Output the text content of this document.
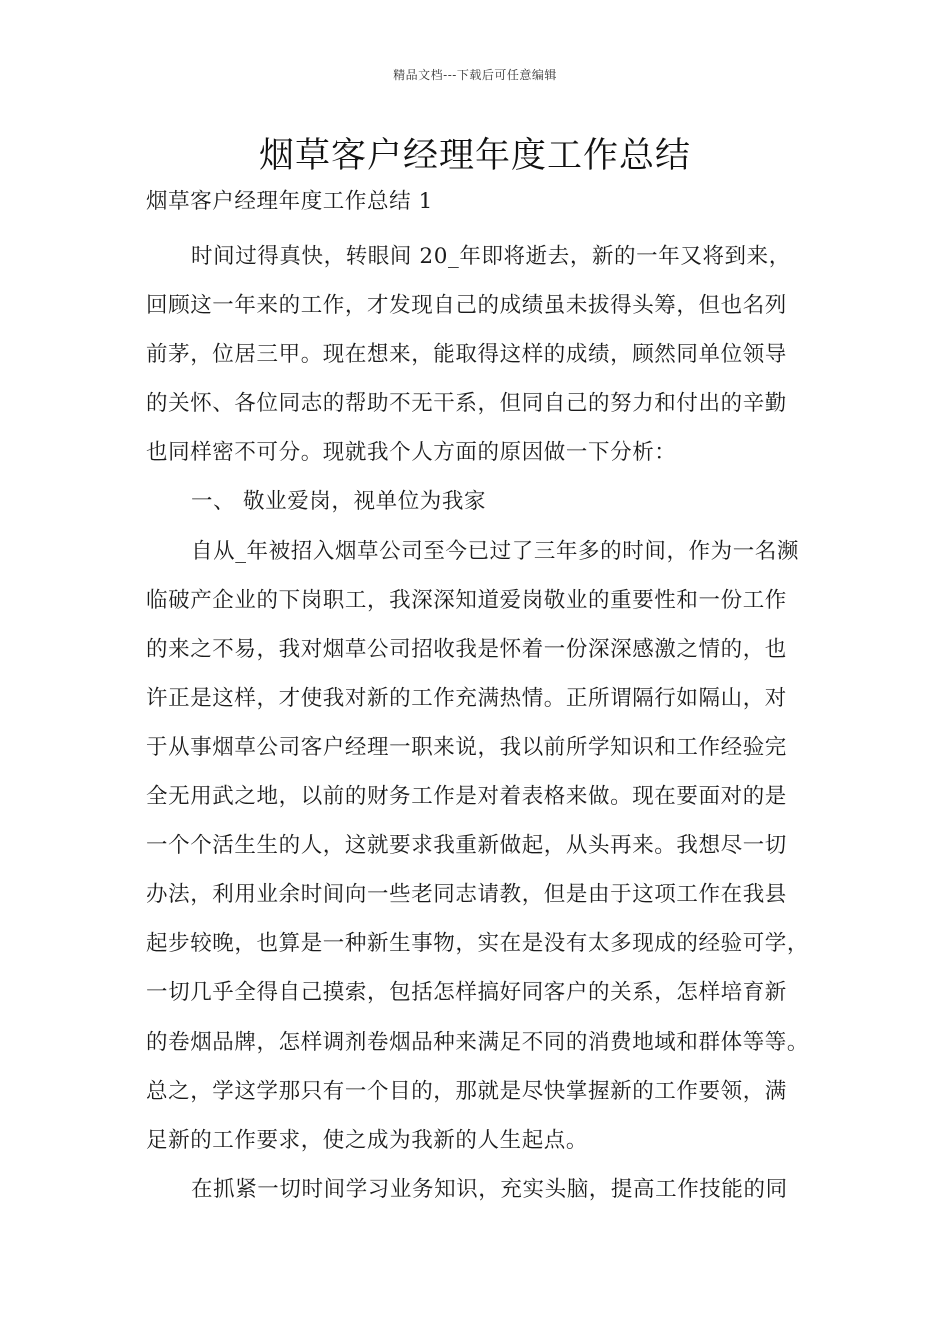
精品文档---下载后可任意编辑
烟草客户经理年度工作总结
烟草客户经理年度工作总结 1
时间过得真快，转眼间 20_年即将逝去，新的一年又将到来，
回顾这一年来的工作，才发现自己的成绩虽未拔得头筹，但也名列
前茅，位居三甲。现在想来，能取得这样的成绩，顾然同单位领导
的关怀、各位同志的帮助不无干系，但同自己的努力和付出的辛勤
也同样密不可分。现就我个人方面的原因做一下分析：
一、 敬业爱岗，视单位为我家
自从_年被招入烟草公司至今已过了三年多的时间，作为一名濒
临破产企业的下岗职工，我深深知道爱岗敬业的重要性和一份工作
的来之不易，我对烟草公司招收我是怀着一份深深感激之情的，也
许正是这样，才使我对新的工作充满热情。正所谓隔行如隔山，对
于从事烟草公司客户经理一职来说，我以前所学知识和工作经验完
全无用武之地，以前的财务工作是对着表格来做。现在要面对的是
一个个活生生的人，这就要求我重新做起，从头再来。我想尽一切
办法，利用业余时间向一些老同志请教，但是由于这项工作在我县
起步较晚，也算是一种新生事物，实在是没有太多现成的经验可学，
一切几乎全得自己摸索，包括怎样搞好同客户的关系，怎样培育新
的卷烟品牌，怎样调剂卷烟品种来满足不同的消费地域和群体等等。
总之，学这学那只有一个目的，那就是尽快掌握新的工作要领，满
足新的工作要求，使之成为我新的人生起点。
在抓紧一切时间学习业务知识，充实头脑，提高工作技能的同
